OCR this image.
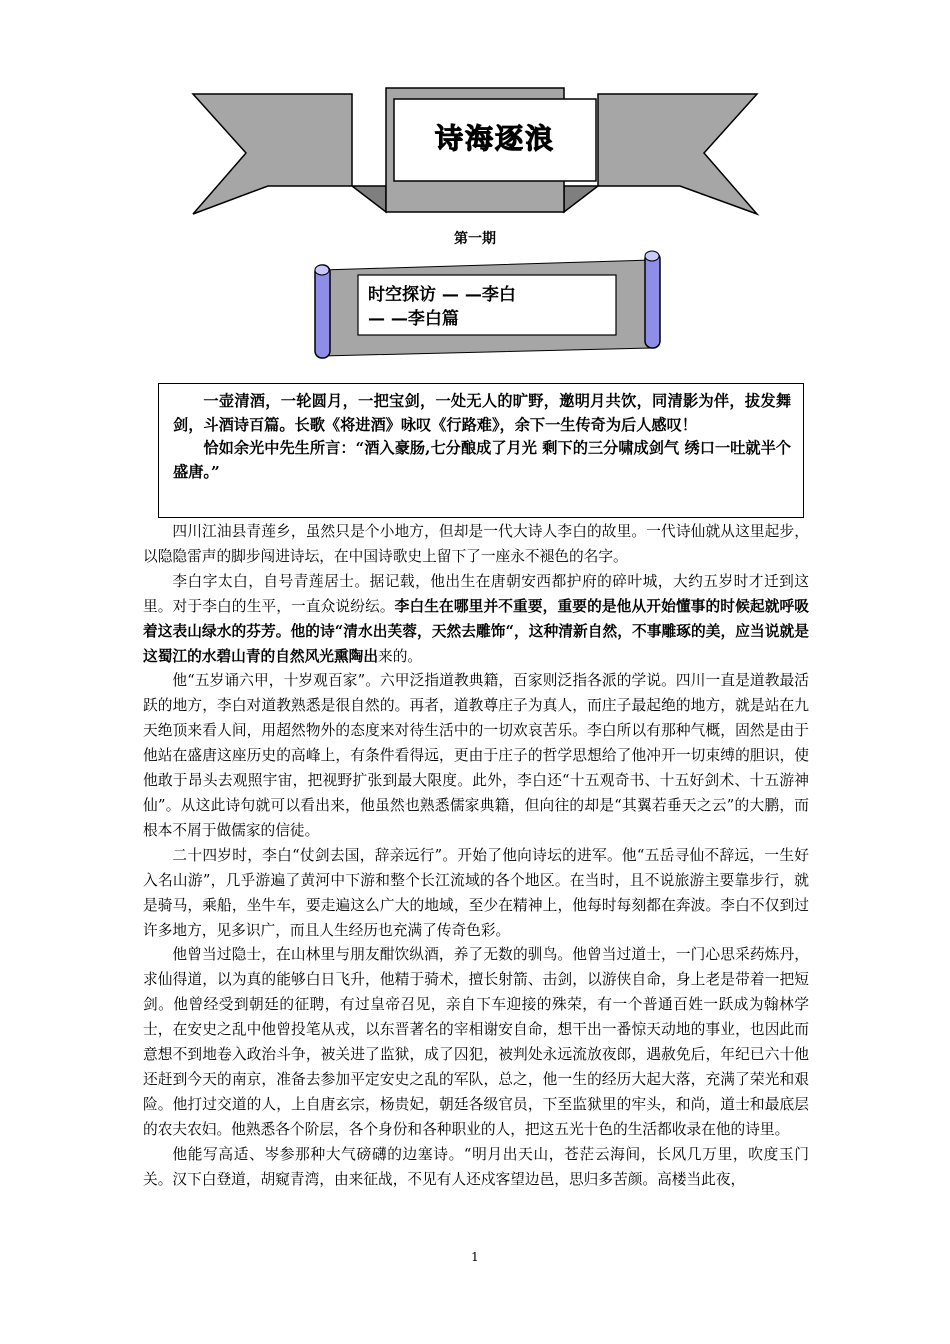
诗海逐浪
第一期
时空探访 — —李白
— —李白篇

一壶清酒，一轮圆月，一把宝剑，一处无人的旷野，邀明月共饮，同清影为伴，拔发舞剑，斗酒诗百篇。长歌《将进酒》咏叹《行路难》，余下一生传奇为后人感叹！

恰如余光中先生所言：“酒入豪肠,七分酿成了月光 剩下的三分啸成剑气 绣口一吐就半个盛唐。”

四川江油县青莲乡，虽然只是个小地方，但却是一代大诗人李白的故里。一代诗仙就从这里起步，以隐隐雷声的脚步闯进诗坛，在中国诗歌史上留下了一座永不褪色的名字。

李白字太白，自号青莲居士。据记载，他出生在唐朝安西都护府的碎叶城，大约五岁时才迁到这里。对于李白的生平，一直众说纷纭。李白生在哪里并不重要，重要的是他从开始懂事的时候起就呼吸着这表山绿水的芬芳。他的诗“清水出芙蓉，天然去雕饰“，这种清新自然，不事雕琢的美，应当说就是这蜀江的水碧山青的自然风光熏陶出来的。

他“五岁诵六甲，十岁观百家”。六甲泛指道教典籍，百家则泛指各派的学说。四川一直是道教最活跃的地方，李白对道教熟悉是很自然的。再者，道教尊庄子为真人，而庄子最起绝的地方，就是站在九天绝顶来看人间，用超然物外的态度来对待生活中的一切欢哀苦乐。李白所以有那种气概，固然是由于他站在盛唐这座历史的高峰上，有条件看得远，更由于庄子的哲学思想给了他冲开一切束缚的胆识，使他敢于昂头去观照宇宙，把视野扩张到最大限度。此外，李白还“十五观奇书、十五好剑术、十五游神仙”。从这此诗句就可以看出来，他虽然也熟悉儒家典籍，但向往的却是“其翼若垂天之云”的大鹏，而根本不屑于做儒家的信徒。

二十四岁时，李白“仗剑去国，辞亲远行”。开始了他向诗坛的进军。他“五岳寻仙不辞远，一生好入名山游”，几乎游遍了黄河中下游和整个长江流域的各个地区。在当时，且不说旅游主要靠步行，就是骑马，乘船，坐牛车，要走遍这么广大的地域，至少在精神上，他每时每刻都在奔波。李白不仅到过许多地方，见多识广，而且人生经历也充满了传奇色彩。

他曾当过隐士，在山林里与朋友酣饮纵酒，养了无数的驯鸟。他曾当过道士，一门心思采药炼丹，求仙得道，以为真的能够白日飞升，他精于骑术，擅长射箭、击剑，以游侠自命，身上老是带着一把短剑。他曾经受到朝廷的征聘，有过皇帝召见，亲自下车迎接的殊荣，有一个普通百姓一跃成为翰林学士，在安史之乱中他曾投笔从戎，以东晋著名的宰相谢安自命，想干出一番惊天动地的事业，也因此而意想不到地卷入政治斗争，被关进了监狱，成了囚犯，被判处永远流放夜郎，遇赦免后，年纪已六十他还赶到今天的南京，准备去参加平定安史之乱的军队，总之，他一生的经历大起大落，充满了荣光和艰险。他打过交道的人，上自唐玄宗，杨贵妃，朝廷各级官员，下至监狱里的牢头，和尚，道士和最底层的农夫农妇。他熟悉各个阶层，各个身份和各种职业的人，把这五光十色的生活都收录在他的诗里。

他能写高适、岑参那种大气磅礴的边塞诗。“明月出天山，苍茫云海间，长风几万里，吹度玉门关。汉下白登道，胡窥青湾，由来征战，不见有人还戍客望边邑，思归多苦颜。高楼当此夜，

1
